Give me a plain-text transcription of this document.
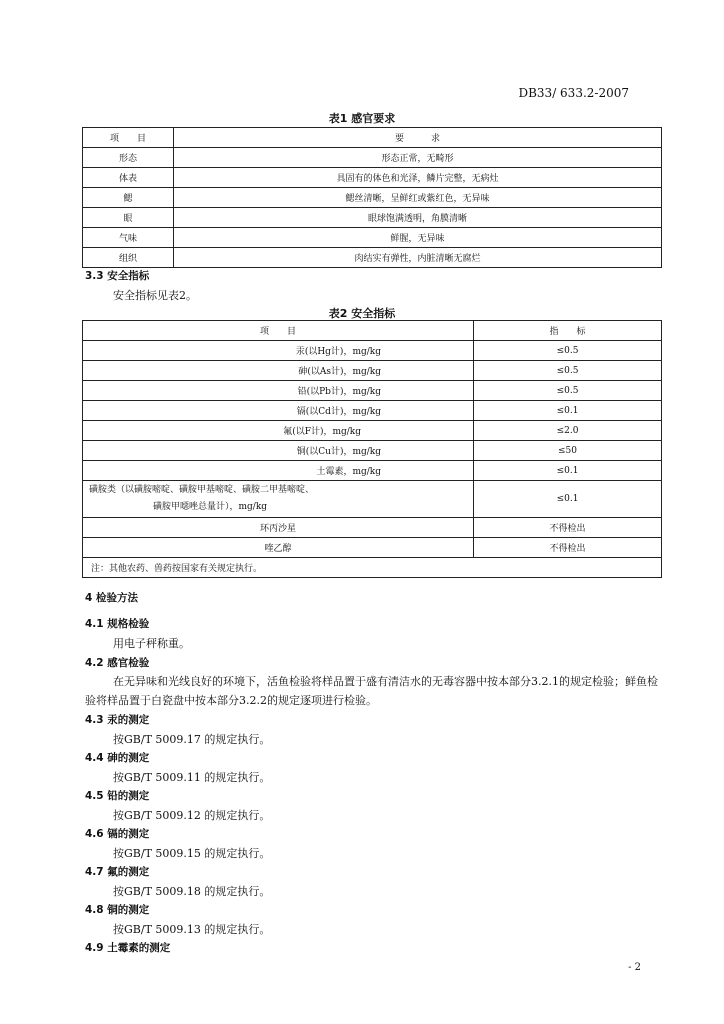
DB33/ 633.2-2007
表1 感官要求
项　　目	要　　　求
形态	形态正常，无畸形
体表	具固有的体色和光泽，鳞片完整，无病灶
鳃	鳃丝清晰，呈鲜红或紫红色，无异味
眼	眼球饱满透明，角膜清晰
气味	鲜腥，无异味
组织	肉结实有弹性，内脏清晰无腐烂
3.3 安全指标
安全指标见表2。
表2 安全指标
项　　目	指　　标
汞(以Hg计)，mg/kg	≤0.5
砷(以As计)，mg/kg	≤0.5
铅(以Pb计)，mg/kg	≤0.5
镉(以Cd计)，mg/kg	≤0.1
氟(以F计)，mg/kg	≤2.0
铜(以Cu计)，mg/kg	≤50
土霉素，mg/kg	≤0.1

磺胺类（以磺胺嘧啶、磺胺甲基嘧啶、磺胺二甲基嘧啶、
磺胺甲噁唑总量计），mg/kg	≤0.1
环丙沙星	不得检出
喹乙醇	不得检出
注：其他农药、兽药按国家有关规定执行。	
4 检验方法
4.1 规格检验
用电子秤称重。
4.2 感官检验
在无异味和光线良好的环境下，活鱼检验将样品置于盛有清洁水的无毒容器中按本部分3.2.1的规定检验；鲜鱼检验将样品置于白瓷盘中按本部分3.2.2的规定逐项进行检验。
4.3 汞的测定
按GB/T 5009.17 的规定执行。
4.4 砷的测定
按GB/T 5009.11 的规定执行。
4.5 铅的测定
按GB/T 5009.12 的规定执行。
4.6 镉的测定
按GB/T 5009.15 的规定执行。
4.7 氟的测定
按GB/T 5009.18 的规定执行。
4.8 铜的测定
按GB/T 5009.13 的规定执行。
4.9 土霉素的测定
- 2
